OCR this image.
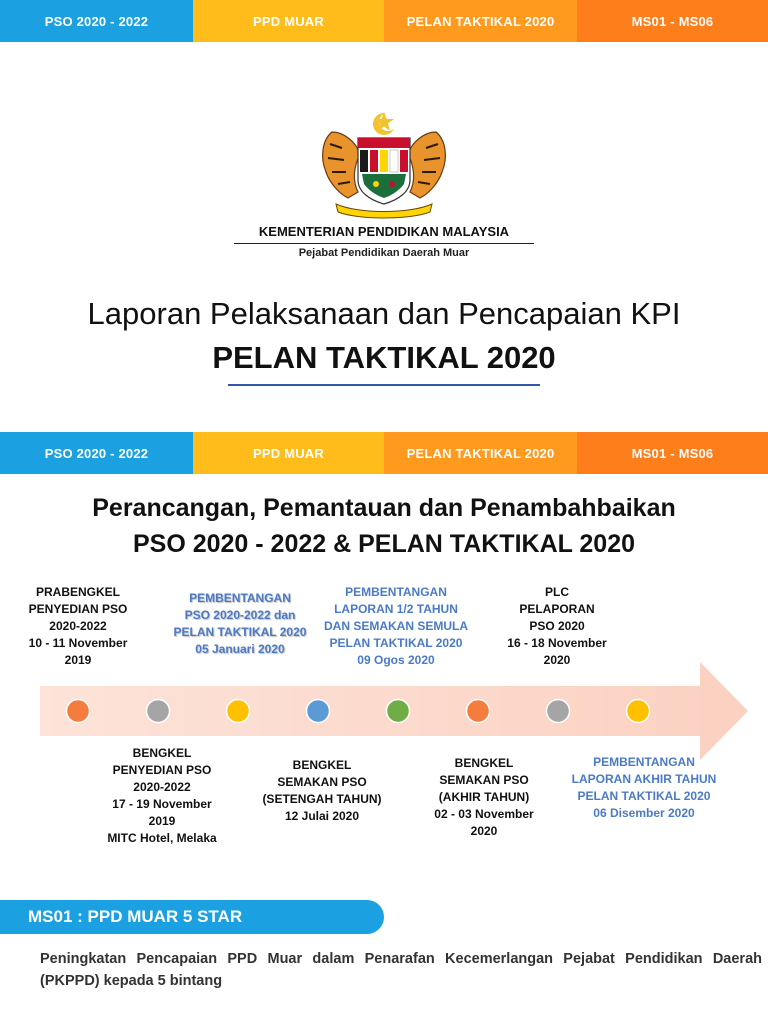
PSO 2020 - 2022	PPD MUAR	PELAN TAKTIKAL 2020	MS01 - MS06
KEMENTERIAN PENDIDIKAN MALAYSIA
Pejabat Pendidikan Daerah Muar
Laporan Pelaksanaan dan Pencapaian KPI
PELAN TAKTIKAL 2020
PSO 2020 - 2022	PPD MUAR	PELAN TAKTIKAL 2020	MS01 - MS06
Perancangan, Pemantauan dan Penambahbaikan
PSO 2020 - 2022 & PELAN TAKTIKAL 2020
PRABENGKEL
PENYEDIAN PSO
2020-2022
10 - 11 November
2019
PEMBENTANGAN
PSO 2020-2022 dan
PELAN TAKTIKAL 2020
05 Januari 2020
PEMBENTANGAN
LAPORAN 1/2 TAHUN
DAN SEMAKAN SEMULA
PELAN TAKTIKAL 2020
09 Ogos 2020
PLC
PELAPORAN
PSO 2020
16 - 18 November
2020
BENGKEL
PENYEDIAN PSO
2020-2022
17 - 19 November
2019
MITC Hotel, Melaka
BENGKEL
SEMAKAN PSO
(SETENGAH TAHUN)
12 Julai 2020
BENGKEL
SEMAKAN PSO
(AKHIR TAHUN)
02 - 03 November
2020
PEMBENTANGAN
LAPORAN AKHIR TAHUN
PELAN TAKTIKAL 2020
06 Disember 2020
MS01 : PPD MUAR 5 STAR
Peningkatan Pencapaian PPD Muar dalam Penarafan Kecemerlangan Pejabat Pendidikan Daerah (PKPPD) kepada 5 bintang
